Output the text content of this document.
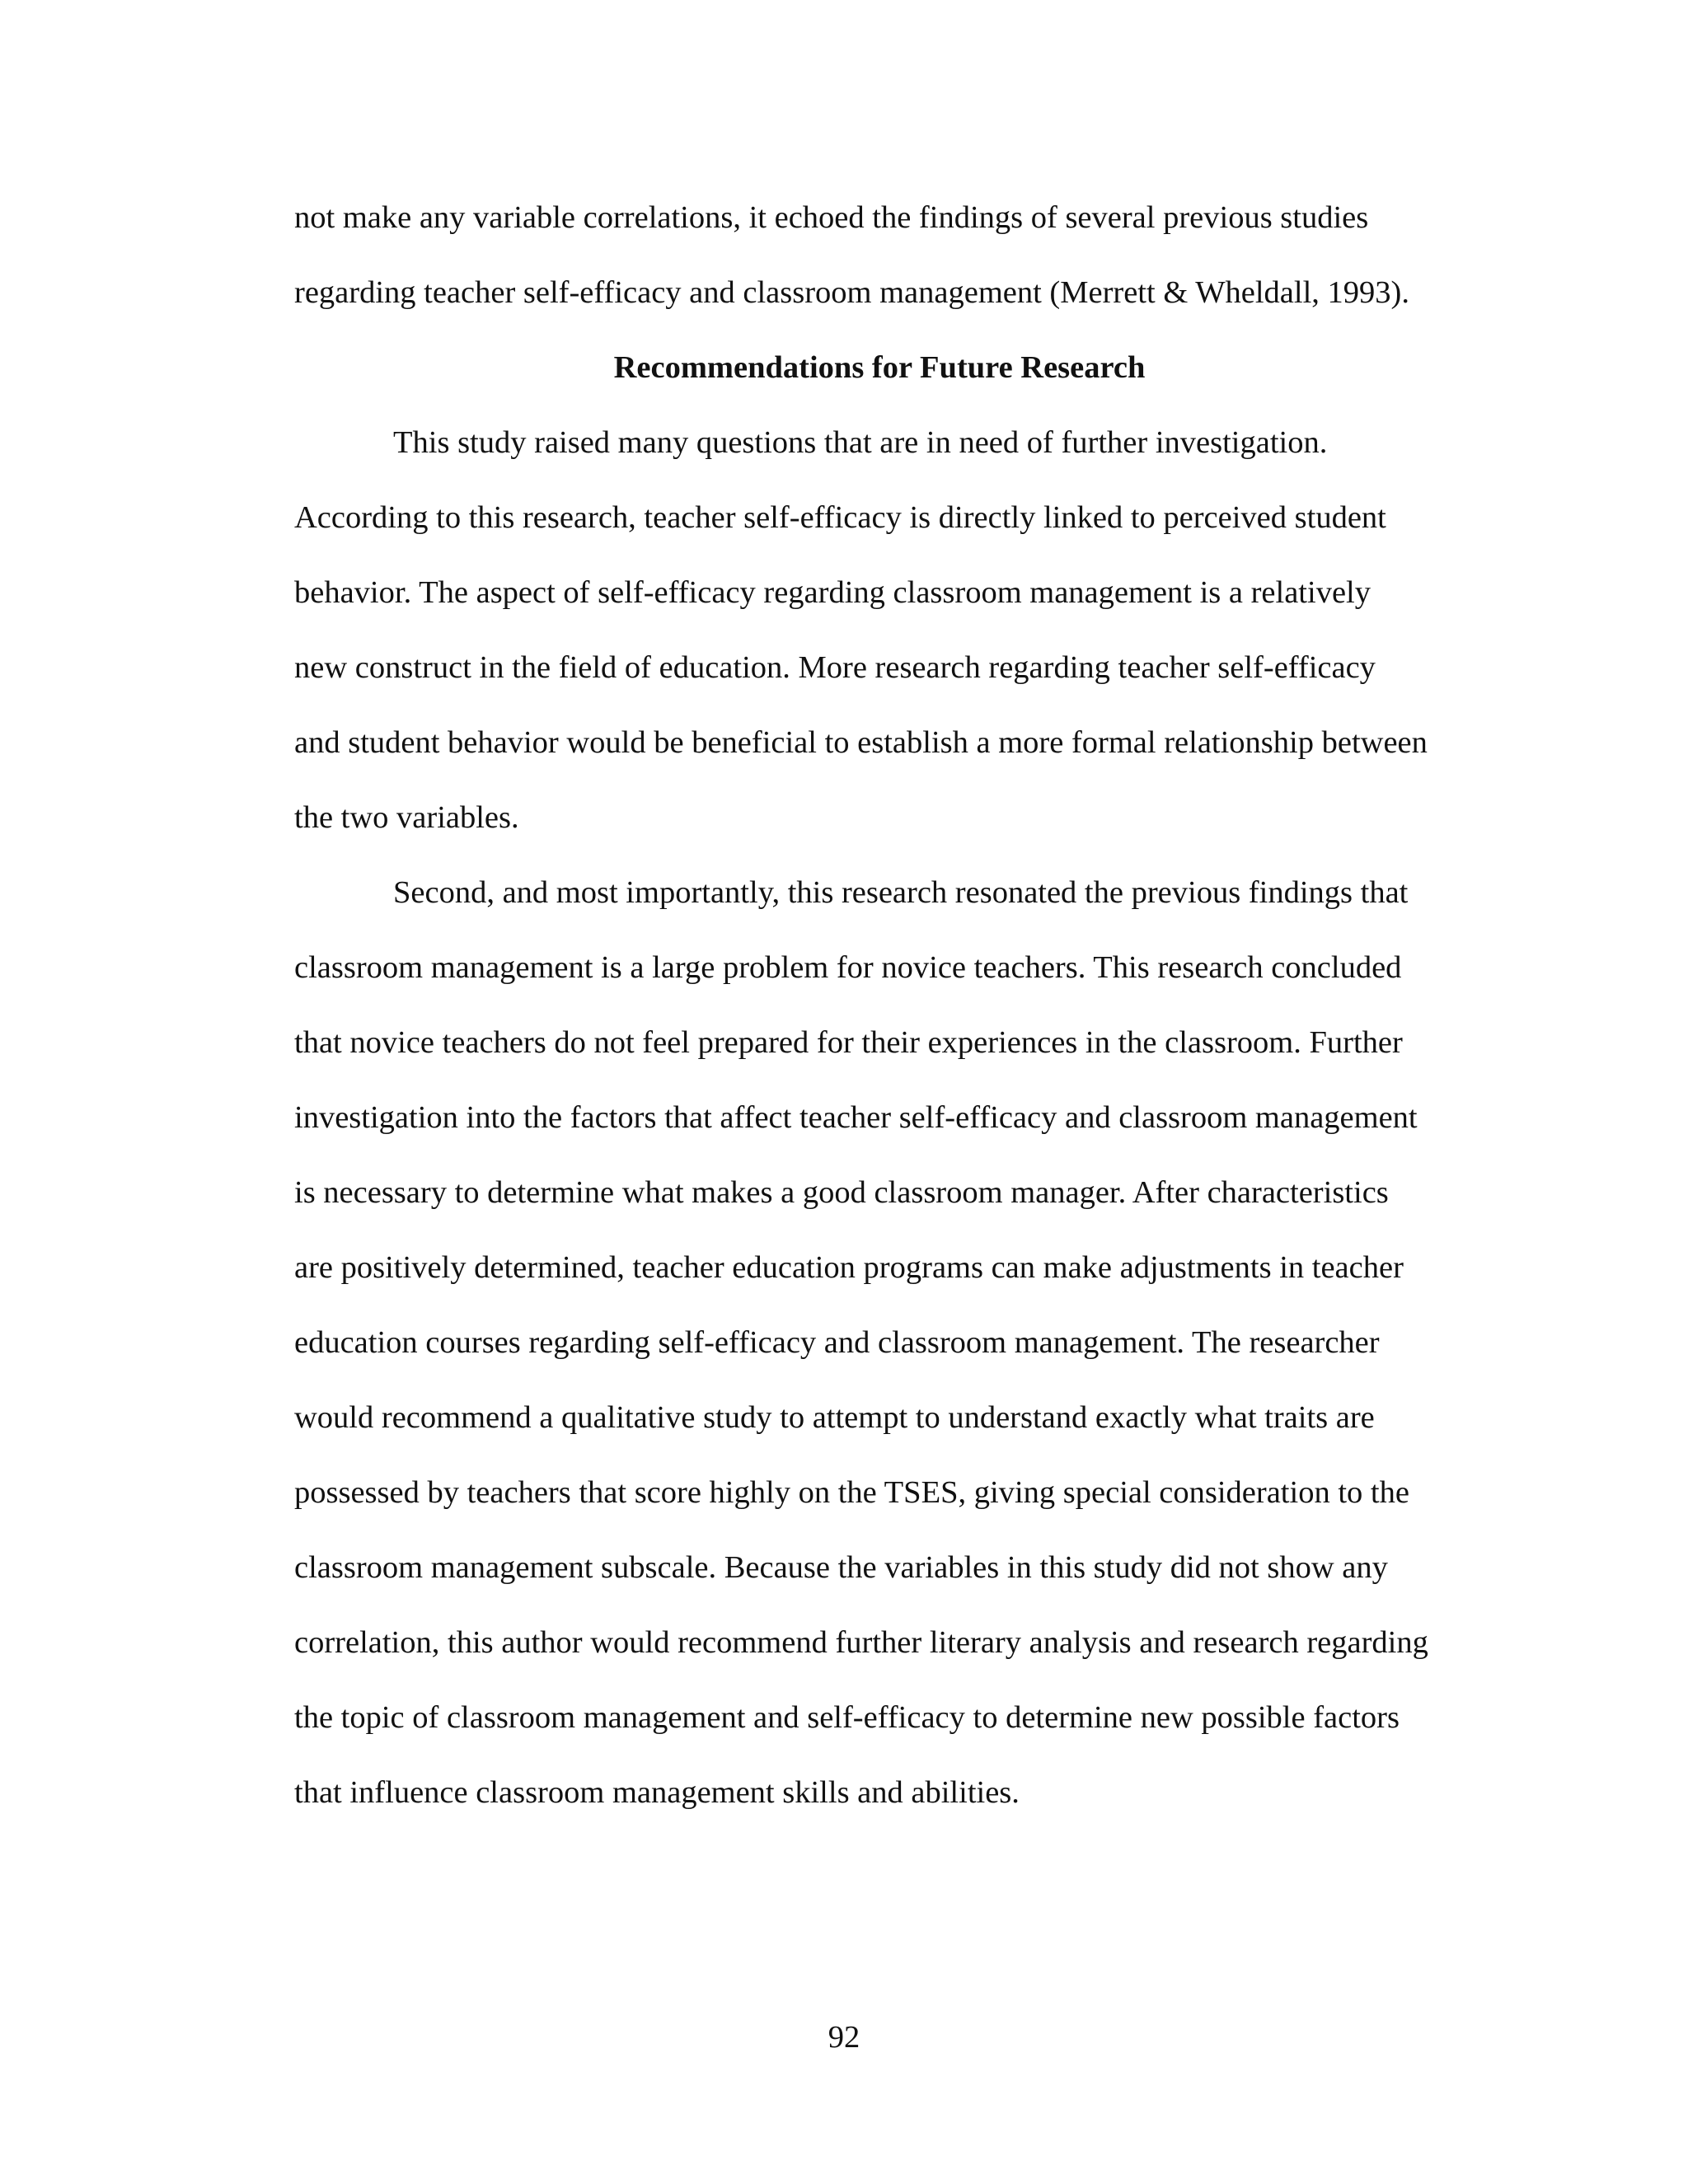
not make any variable correlations, it echoed the findings of several previous studies
regarding teacher self-efficacy and classroom management (Merrett & Wheldall, 1993).
Recommendations for Future Research
This study raised many questions that are in need of further investigation.
According to this research, teacher self-efficacy is directly linked to perceived student
behavior. The aspect of self-efficacy regarding classroom management is a relatively
new construct in the field of education. More research regarding teacher self-efficacy
and student behavior would be beneficial to establish a more formal relationship between
the two variables.
Second, and most importantly, this research resonated the previous findings that
classroom management is a large problem for novice teachers. This research concluded
that novice teachers do not feel prepared for their experiences in the classroom. Further
investigation into the factors that affect teacher self-efficacy and classroom management
is necessary to determine what makes a good classroom manager. After characteristics
are positively determined, teacher education programs can make adjustments in teacher
education courses regarding self-efficacy and classroom management. The researcher
would recommend a qualitative study to attempt to understand exactly what traits are
possessed by teachers that score highly on the TSES, giving special consideration to the
classroom management subscale. Because the variables in this study did not show any
correlation, this author would recommend further literary analysis and research regarding
the topic of classroom management and self-efficacy to determine new possible factors
that influence classroom management skills and abilities.
92
